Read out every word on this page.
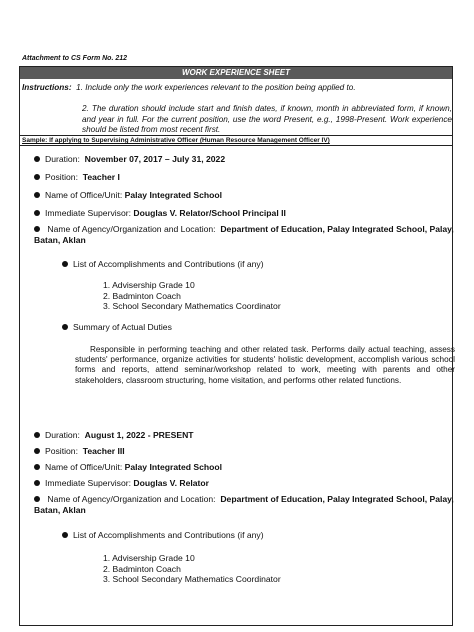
Attachment to CS Form No. 212
WORK EXPERIENCE SHEET
Instructions: 1. Include only the work experiences relevant to the position being applied to.
2. The duration should include start and finish dates, if known, month in abbreviated form, if known, and year in full. For the current position, use the word Present, e.g., 1998-Present. Work experience should be listed from most recent first.
Sample: If applying to Supervising Administrative Officer (Human Resource Management Officer IV)
Duration: November 07, 2017 – July 31, 2022
Position: Teacher I
Name of Office/Unit: Palay Integrated School
Immediate Supervisor: Douglas V. Relator/School Principal II
Name of Agency/Organization and Location: Department of Education, Palay Integrated School, Palay, Batan, Aklan
List of Accomplishments and Contributions (if any)
1. Advisership Grade 10
2. Badminton Coach
3. School Secondary Mathematics Coordinator
Summary of Actual Duties
Responsible in performing teaching and other related task. Performs daily actual teaching, assess students' performance, organize activities for students' holistic development, accomplish various school forms and reports, attend seminar/workshop related to work, meeting with parents and other stakeholders, classroom structuring, home visitation, and performs other related functions.
Duration: August 1, 2022 - PRESENT
Position: Teacher III
Name of Office/Unit: Palay Integrated School
Immediate Supervisor: Douglas V. Relator
Name of Agency/Organization and Location: Department of Education, Palay Integrated School, Palay, Batan, Aklan
List of Accomplishments and Contributions (if any)
1. Advisership Grade 10
2. Badminton Coach
3. School Secondary Mathematics Coordinator
